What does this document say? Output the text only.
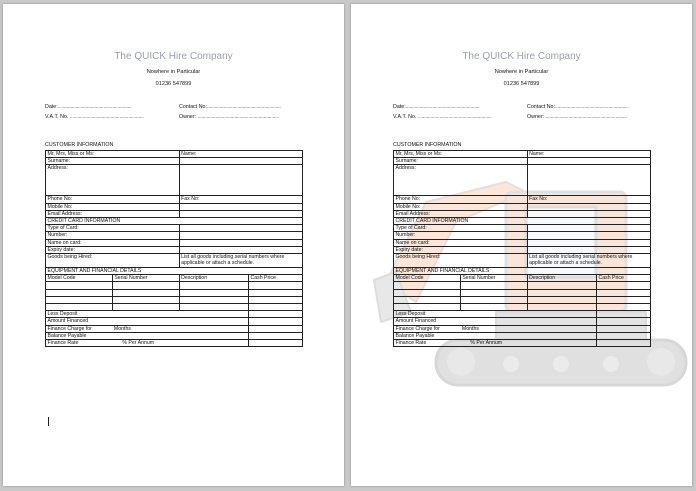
The QUICK Hire Company
Nowhere in Particular
01236 547899
Date:..........................................................	Contact No:..........................................................
V.A.T. No. ..........................................................	Owner: ................................................................
CUSTOMER INFORMATION
Mr, Mrs, Miss or Ms:		Name:	
Surname:			
Address:			
Phone No:		Fax No:	
Mobile No:			
Email Address:			
CREDIT CARD INFORMATION			
Type of Card:			
Number:			
Name on card:			
Expiry date:			
Goods being Hired:		List all goods including serial numbers where applicable or attach a schedule.	
EQUIPMENT AND FINANCIAL DETAILS			
Model Code	Serial Number	Description	Cash Price

Less Deposit			
Amount Financed			
Finance Charge for Months			
Balance Payable			
Finance Rate % Per Annum			
The QUICK Hire Company
Nowhere in Particular
01236 547899
Date:..........................................................	Contact No:..........................................................
V.A.T. No. ..........................................................	Owner: ................................................................
CUSTOMER INFORMATION
Mr, Mrs, Miss or Ms:		Name:	
Surname:			
Address:			
Phone No:		Fax No:	
Mobile No:			
Email Address:			
CREDIT CARD INFORMATION			
Type of Card:			
Number:			
Name on card:			
Expiry date:			
Goods being Hired:		List all goods including serial numbers where applicable or attach a schedule.	
EQUIPMENT AND FINANCIAL DETAILS			
Model Code	Serial Number	Description	Cash Price

Less Deposit			
Amount Financed			
Finance Charge for Months			
Balance Payable			
Finance Rate % Per Annum			
